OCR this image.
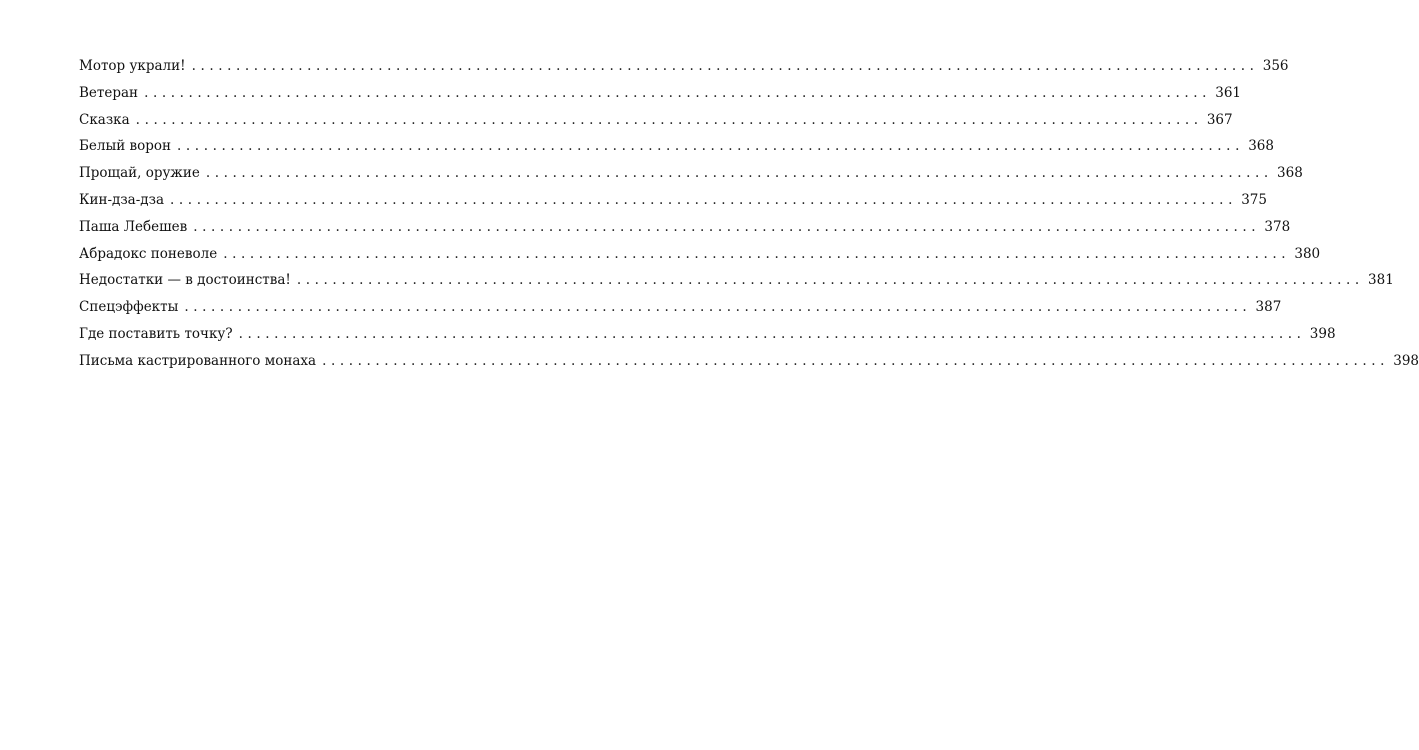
Мотор украли! ........................................................................................................................ 356
Ветеран ........................................................................................................................ 361
Сказка ........................................................................................................................ 367
Белый ворон ........................................................................................................................ 368
Прощай, оружие ........................................................................................................................ 368
Кин-дза-дза ........................................................................................................................ 375
Паша Лебешев ........................................................................................................................ 378
Абрадокс поневоле ........................................................................................................................ 380
Недостатки — в достоинства! ........................................................................................................................ 381
Спецэффекты ........................................................................................................................ 387
Где поставить точку? ........................................................................................................................ 398
Письма кастрированного монаха ........................................................................................................................ 398
